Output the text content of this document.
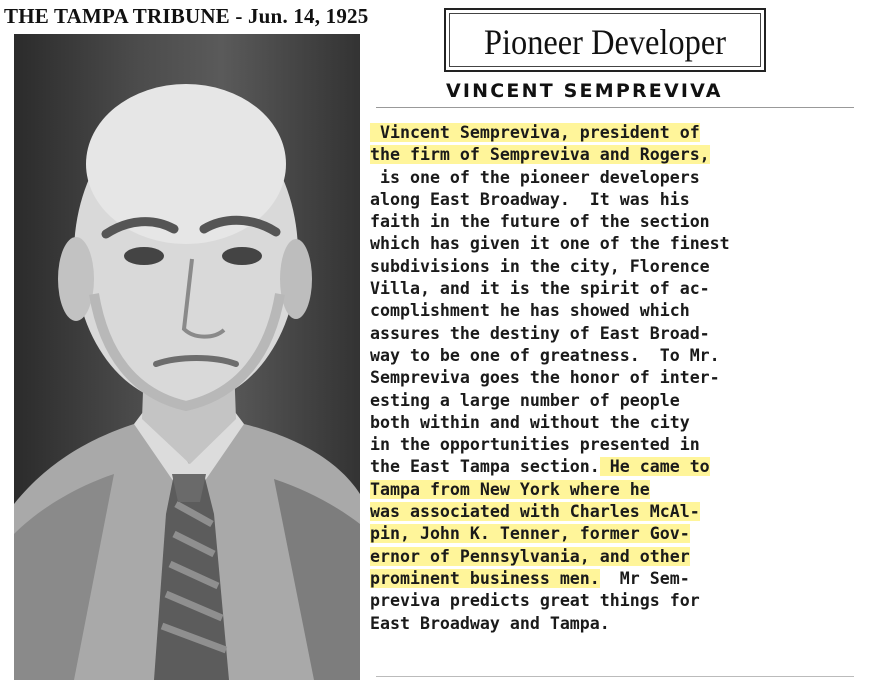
THE TAMPA TRIBUNE - Jun. 14, 1925
Pioneer Developer
VINCENT SEMPREVIVA
Vincent Sempreviva, president of
the firm of Sempreviva and Rogers,
is one of the pioneer developers
along East Broadway.  It was his
faith in the future of the section
which has given it one of the finest
subdivisions in the city, Florence
Villa, and it is the spirit of ac-
complishment he has showed which
assures the destiny of East Broad-
way to be one of greatness.  To Mr.
Sempreviva goes the honor of inter-
esting a large number of people
both within and without the city
in the opportunities presented in
the East Tampa section. He came to
Tampa from New York where he
was associated with Charles McAl-
pin, John K. Tenner, former Gov-
ernor of Pennsylvania, and other
prominent business men.  Mr Sem-
previva predicts great things for
East Broadway and Tampa.
